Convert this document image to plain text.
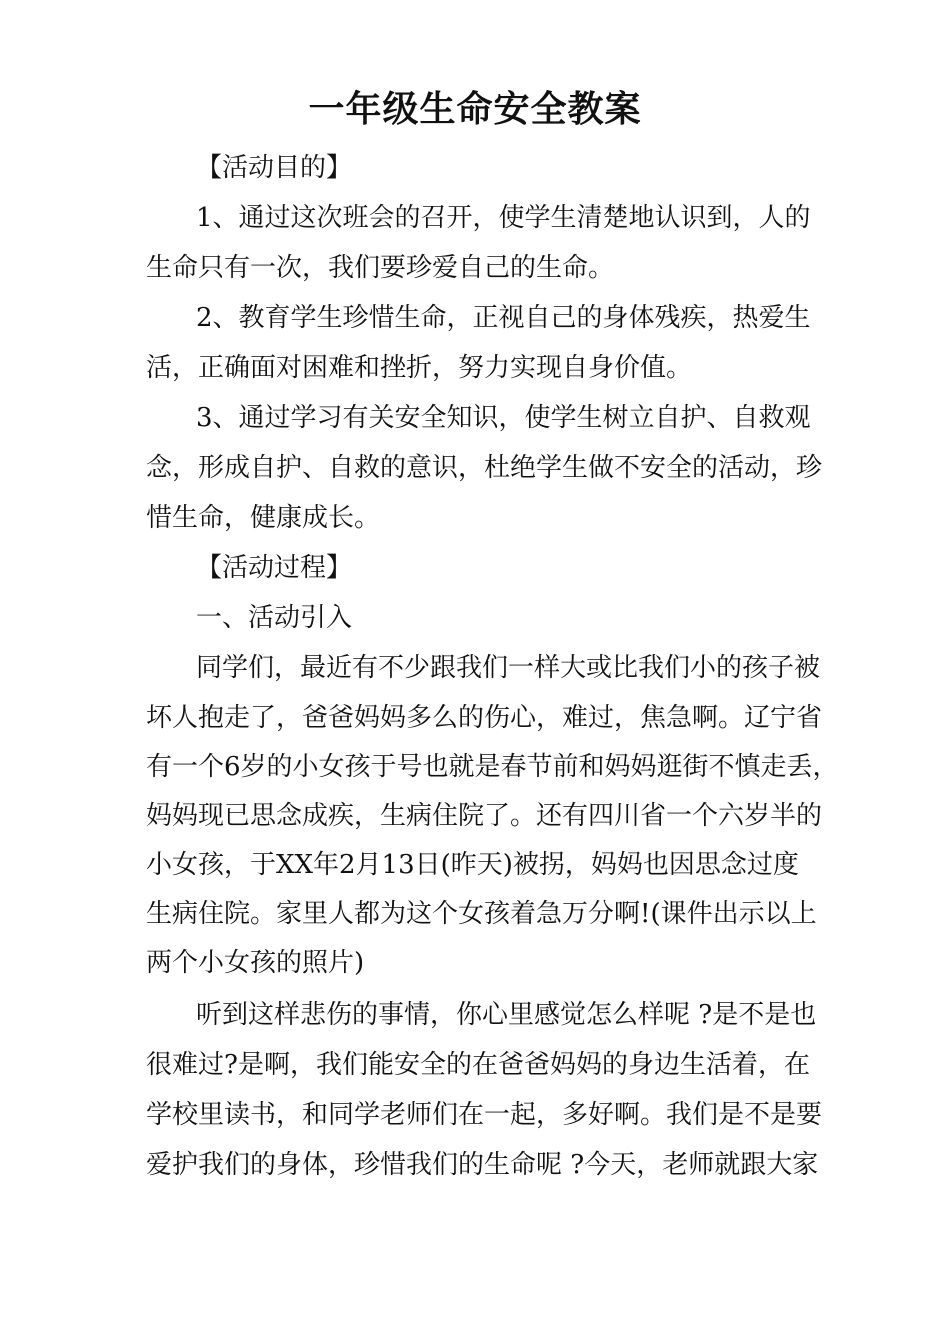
一年级生命安全教案
【活动目的】
1、通过这次班会的召开，使学生清楚地认识到，人的
生命只有一次，我们要珍爱自己的生命。
2、教育学生珍惜生命，正视自己的身体残疾，热爱生
活，正确面对困难和挫折，努力实现自身价值。
3、通过学习有关安全知识，使学生树立自护、自救观
念，形成自护、自救的意识，杜绝学生做不安全的活动，珍
惜生命，健康成长。
【活动过程】
一、活动引入
同学们，最近有不少跟我们一样大或比我们小的孩子被
坏人抱走了，爸爸妈妈多么的伤心，难过，焦急啊。辽宁省
有一个6岁的小女孩于号也就是春节前和妈妈逛街不慎走丢，
妈妈现已思念成疾，生病住院了。还有四川省一个六岁半的
小女孩，于XX年2月13日(昨天)被拐，妈妈也因思念过度
生病住院。家里人都为这个女孩着急万分啊!(课件出示以上
两个小女孩的照片)
听到这样悲伤的事情，你心里感觉怎么样呢 ?是不是也
很难过?是啊，我们能安全的在爸爸妈妈的身边生活着，在
学校里读书，和同学老师们在一起，多好啊。我们是不是要
爱护我们的身体，珍惜我们的生命呢 ?今天，老师就跟大家
